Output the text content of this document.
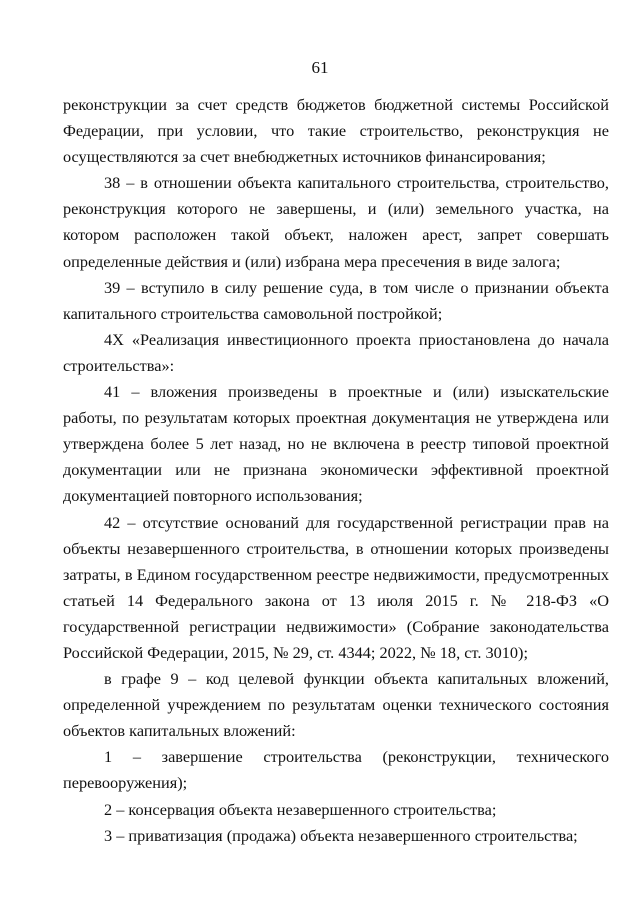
61

реконструкции за счет средств бюджетов бюджетной системы Российской Федерации, при условии, что такие строительство, реконструкция не осуществляются за счет внебюджетных источников финансирования;

38 – в отношении объекта капитального строительства, строительство, реконструкция которого не завершены, и (или) земельного участка, на котором расположен такой объект, наложен арест, запрет совершать определенные действия и (или) избрана мера пресечения в виде залога;

39 – вступило в силу решение суда, в том числе о признании объекта капитального строительства самовольной постройкой;

4Х «Реализация инвестиционного проекта приостановлена до начала строительства»:

41 – вложения произведены в проектные и (или) изыскательские работы, по результатам которых проектная документация не утверждена или утверждена более 5 лет назад, но не включена в реестр типовой проектной документации или не признана экономически эффективной проектной документацией повторного использования;

42 – отсутствие оснований для государственной регистрации прав на объекты незавершенного строительства, в отношении которых произведены затраты, в Едином государственном реестре недвижимости, предусмотренных статьей 14 Федерального закона от 13 июля 2015 г. № 218-ФЗ «О государственной регистрации недвижимости» (Собрание законодательства Российской Федерации, 2015, № 29, ст. 4344; 2022, № 18, ст. 3010);

в графе 9 – код целевой функции объекта капитальных вложений, определенной учреждением по результатам оценки технического состояния объектов капитальных вложений:

1 – завершение строительства (реконструкции, технического перевооружения);

2 – консервация объекта незавершенного строительства;

3 – приватизация (продажа) объекта незавершенного строительства;
